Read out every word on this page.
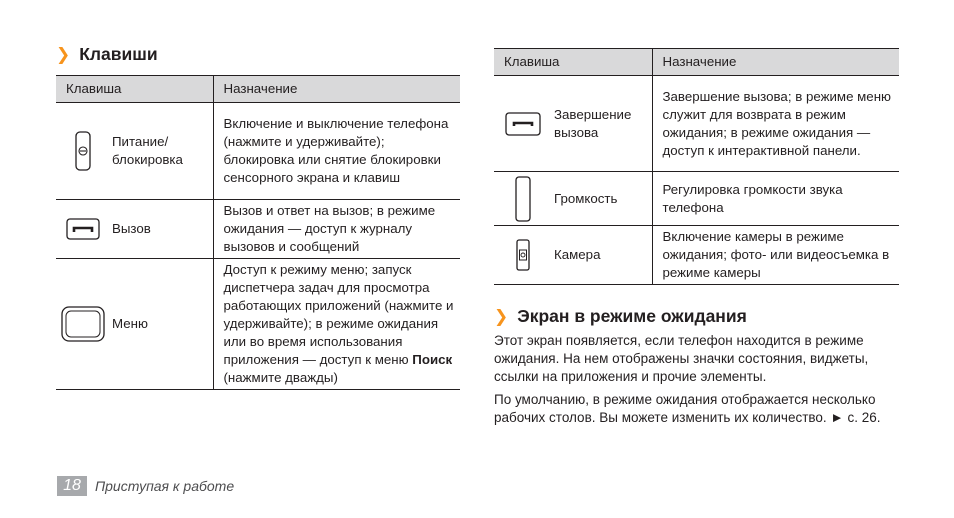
❯ Клавиши
Клавиша		Назначение

	Питание/ блокировка	Включение и выключение телефона (нажмите и удерживайте); блокировка или снятие блокировки сенсорного экрана и клавиш

	Вызов	Вызов и ответ на вызов; в режиме ожидания — доступ к журналу вызовов и сообщений

	Меню	Доступ к режиму меню; запуск диспетчера задач для просмотра работающих приложений (нажмите и удерживайте); в режиме ожидания или во время использования приложения — доступ к меню Поиск (нажмите дважды)
Клавиша		Назначение

	Завершение вызова	Завершение вызова; в режиме меню служит для возврата в режим ожидания; в режиме ожидания — доступ к интерактивной панели.

	Громкость	Регулировка громкости звука телефона

	Камера	Включение камеры в режиме ожидания; фото- или видеосъемка в режиме камеры
❯ Экран в режиме ожидания

Этот экран появляется, если телефон находится в режиме ожидания. На нем отображены значки состояния, виджеты, ссылки на приложения и прочие элементы.

По умолчанию, в режиме ожидания отображается несколько рабочих столов. Вы можете изменить их количество. ► с. 26.

18	Приступая к работе
